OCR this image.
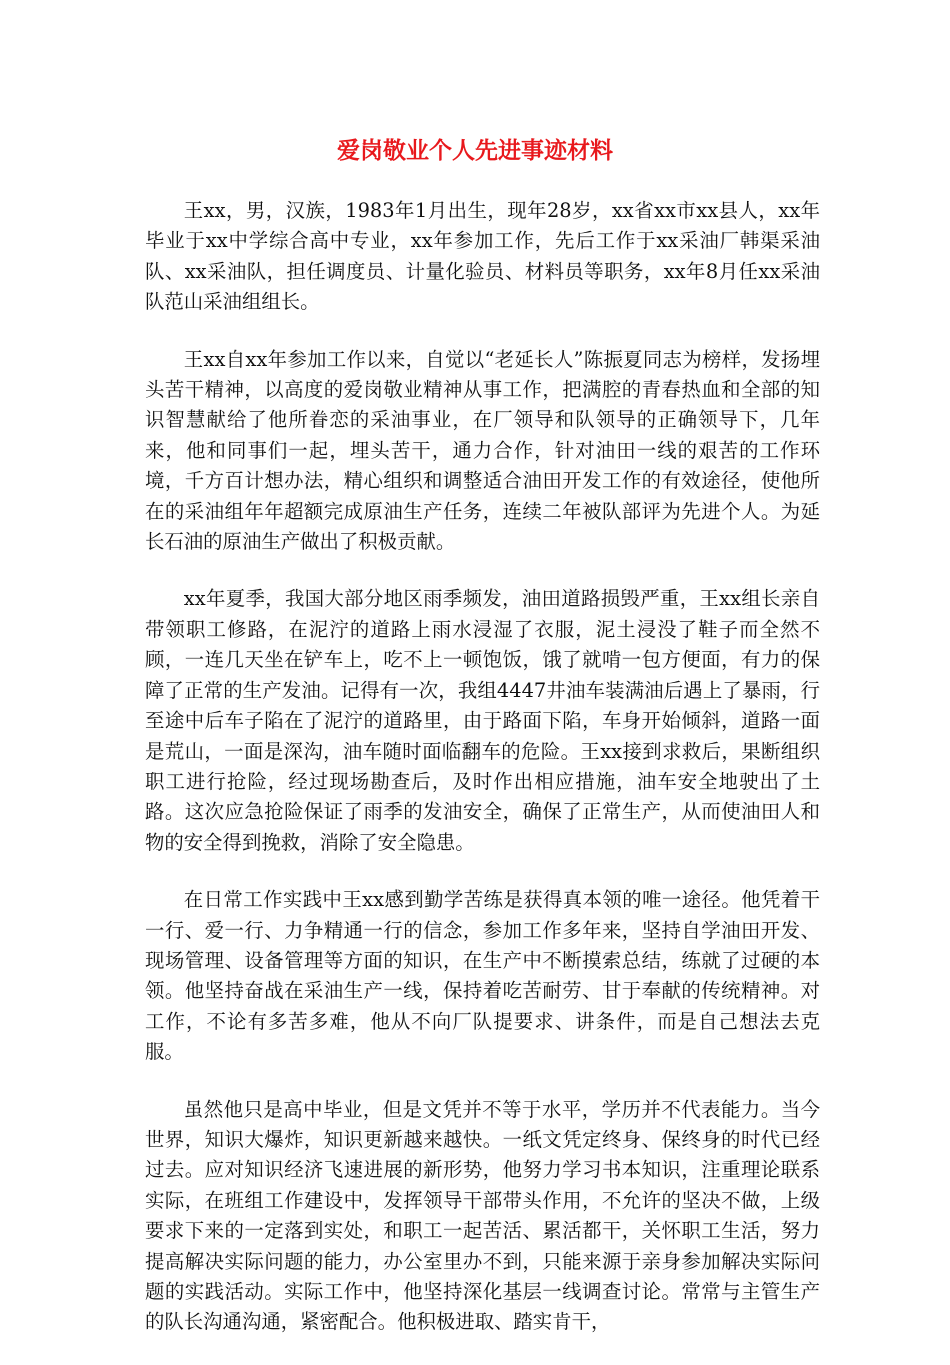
爱岗敬业个人先进事迹材料

王xx，男，汉族，1983年1月出生，现年28岁，xx省xx市xx县人，xx年毕业于xx中学综合高中专业，xx年参加工作，先后工作于xx采油厂韩渠采油队、xx采油队，担任调度员、计量化验员、材料员等职务，xx年8月任xx采油队范山采油组组长。

王xx自xx年参加工作以来，自觉以“老延长人”陈振夏同志为榜样，发扬埋头苦干精神，以高度的爱岗敬业精神从事工作，把满腔的青春热血和全部的知识智慧献给了他所眷恋的采油事业，在厂领导和队领导的正确领导下，几年来，他和同事们一起，埋头苦干，通力合作，针对油田一线的艰苦的工作环境，千方百计想办法，精心组织和调整适合油田开发工作的有效途径，使他所在的采油组年年超额完成原油生产任务，连续二年被队部评为先进个人。为延长石油的原油生产做出了积极贡献。

xx年夏季，我国大部分地区雨季频发，油田道路损毁严重，王xx组长亲自带领职工修路，在泥泞的道路上雨水浸湿了衣服，泥土浸没了鞋子而全然不顾，一连几天坐在铲车上，吃不上一顿饱饭，饿了就啃一包方便面，有力的保障了正常的生产发油。记得有一次，我组4447井油车装满油后遇上了暴雨，行至途中后车子陷在了泥泞的道路里，由于路面下陷，车身开始倾斜，道路一面是荒山，一面是深沟，油车随时面临翻车的危险。王xx接到求救后，果断组织职工进行抢险，经过现场勘查后，及时作出相应措施，油车安全地驶出了土路。这次应急抢险保证了雨季的发油安全，确保了正常生产，从而使油田人和物的安全得到挽救，消除了安全隐患。

在日常工作实践中王xx感到勤学苦练是获得真本领的唯一途径。他凭着干一行、爱一行、力争精通一行的信念，参加工作多年来，坚持自学油田开发、现场管理、设备管理等方面的知识，在生产中不断摸索总结，练就了过硬的本领。他坚持奋战在采油生产一线，保持着吃苦耐劳、甘于奉献的传统精神。对工作，不论有多苦多难，他从不向厂队提要求、讲条件，而是自己想法去克服。

虽然他只是高中毕业，但是文凭并不等于水平，学历并不代表能力。当今世界，知识大爆炸，知识更新越来越快。一纸文凭定终身、保终身的时代已经过去。应对知识经济飞速进展的新形势，他努力学习书本知识，注重理论联系实际，在班组工作建设中，发挥领导干部带头作用，不允许的坚决不做，上级要求下来的一定落到实处，和职工一起苦活、累活都干，关怀职工生活，努力提高解决实际问题的能力，办公室里办不到，只能来源于亲身参加解决实际问题的实践活动。实际工作中，他坚持深化基层一线调查讨论。常常与主管生产的队长沟通沟通，紧密配合。他积极进取、踏实肯干，
